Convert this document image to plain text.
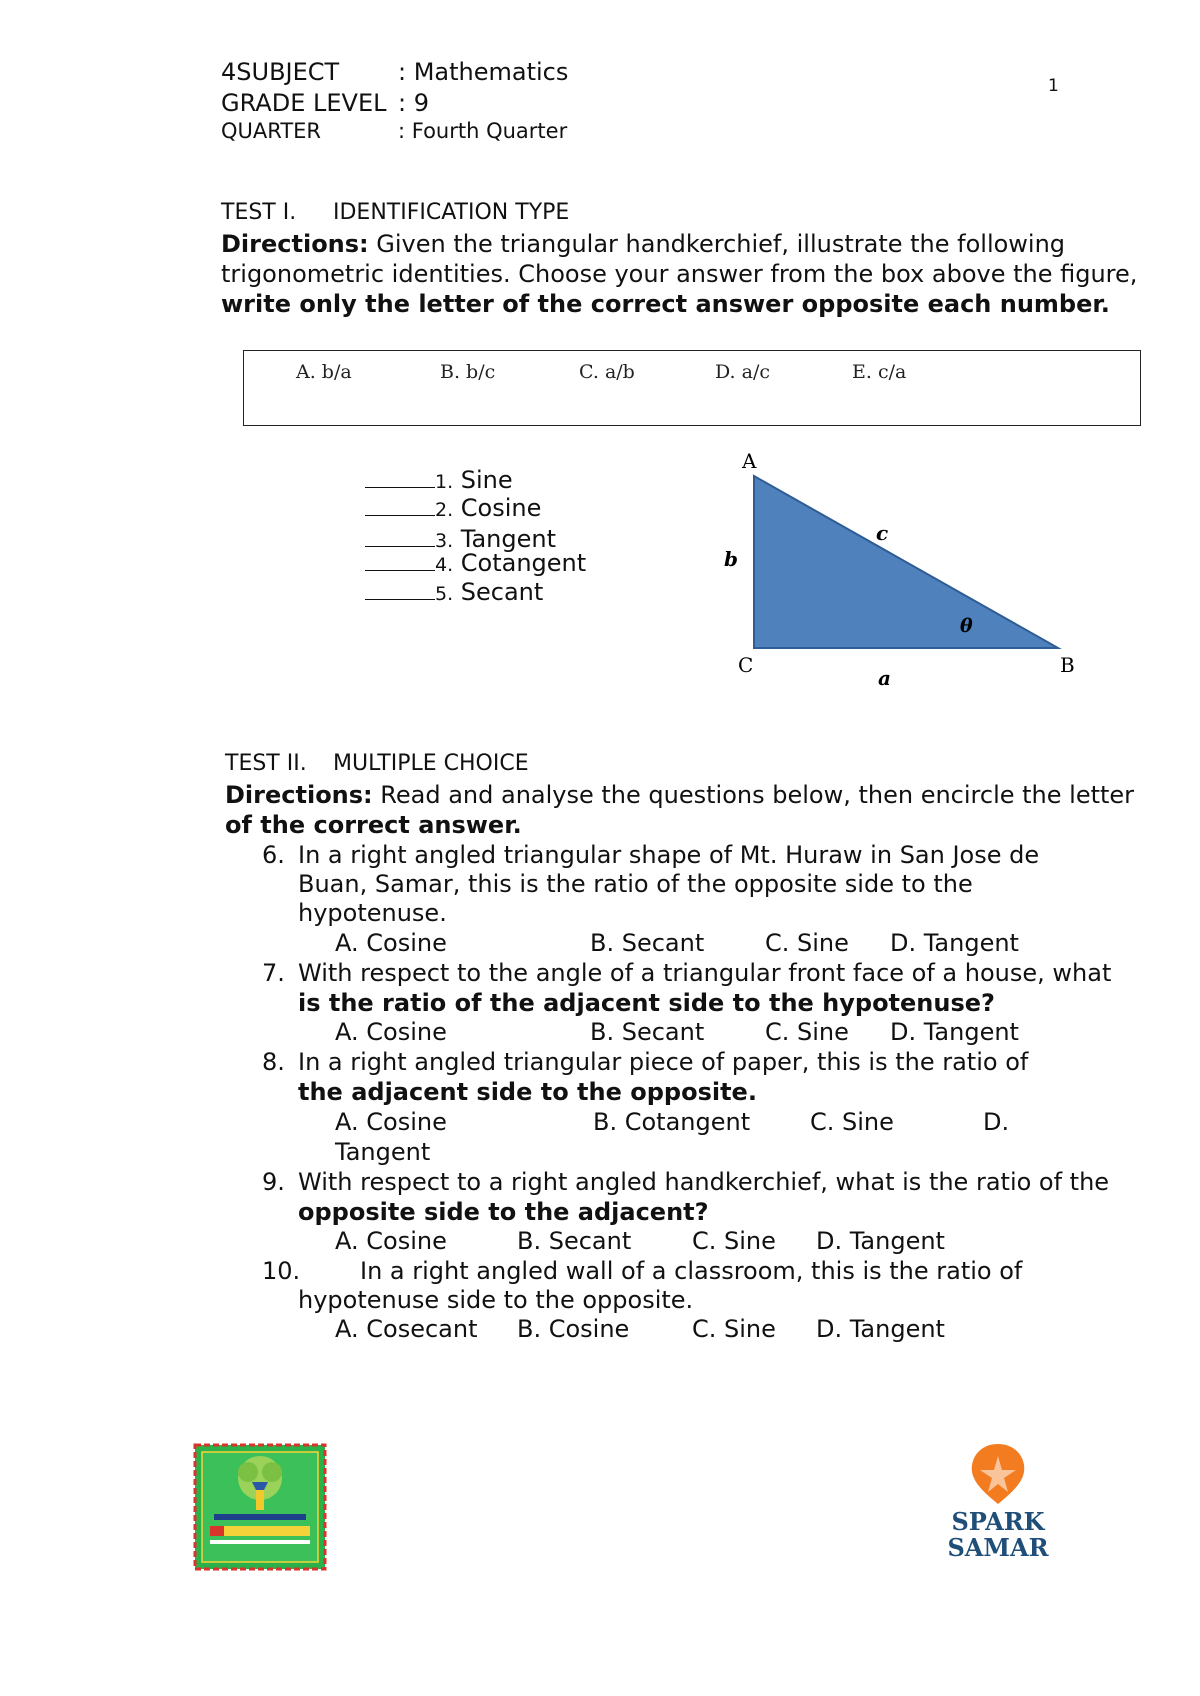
4SUBJECT : Mathematics
GRADE LEVEL : 9
QUARTER	: Fourth Quarter
1
TEST I. IDENTIFICATION TYPE
Directions: Given the triangular handkerchief, illustrate the following
trigonometric identities. Choose your answer from the box above the figure,
write only the letter of the correct answer opposite each number.
A. b/a	B. b/c	C. a/b	D. a/c	E. c/a
1. Sine
2. Cosine
3. Tangent
4. Cotangent
5. Secant
A
B
C
a
b
c
θ
TEST II. MULTIPLE CHOICE
Directions: Read and analyse the questions below, then encircle the letter
of the correct answer.
6. In a right angled triangular shape of Mt. Huraw in San Jose de
Buan, Samar, this is the ratio of the opposite side to the
hypotenuse.
A. Cosine	B. Secant	C. Sine D. Tangent
7. With respect to the angle of a triangular front face of a house, what
is the ratio of the adjacent side to the hypotenuse?
A. Cosine	B. Secant	C. Sine D. Tangent
8. In a right angled triangular piece of paper, this is the ratio of
the adjacent side to the opposite.
A. Cosine	B. Cotangent C. Sine	D.
Tangent
9. With respect to a right angled handkerchief, what is the ratio of the
opposite side to the adjacent?
A. Cosine	B. Secant	C. Sine D. Tangent
10. In a right angled wall of a classroom, this is the ratio of
hypotenuse side to the opposite.
A. Cosecant B. Cosine	C. Sine D. Tangent
SPARK
SAMAR
